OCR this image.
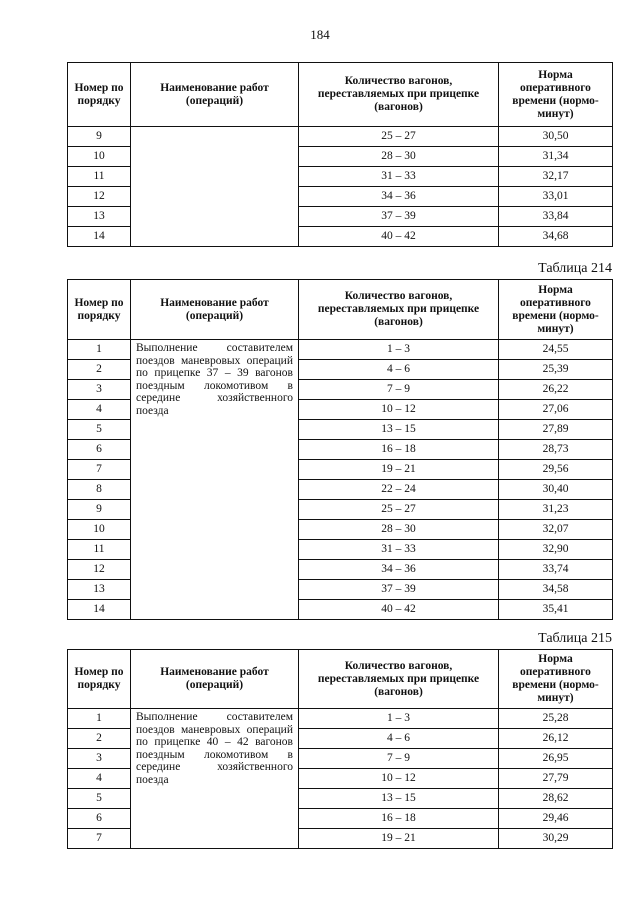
184
Номер по порядку	Наименование работ (операций)	Количество вагонов, переставляемых при прицепке (вагонов)	Норма оперативного времени (нормо-минут)
9		25 – 27	30,50
10		28 – 30	31,34
11		31 – 33	32,17
12		34 – 36	33,01
13		37 – 39	33,84
14		40 – 42	34,68
Таблица 214
Номер по порядку	Наименование работ (операций)	Количество вагонов, переставляемых при прицепке (вагонов)	Норма оперативного времени (нормо-минут)
1	Выполнение составителем поездов маневровых операций по прицепке 37 – 39 вагонов поездным локомотивом в середине хозяйственного поезда	1 – 3	24,55
2		4 – 6	25,39
3		7 – 9	26,22
4		10 – 12	27,06
5		13 – 15	27,89
6		16 – 18	28,73
7		19 – 21	29,56
8		22 – 24	30,40
9		25 – 27	31,23
10		28 – 30	32,07
11		31 – 33	32,90
12		34 – 36	33,74
13		37 – 39	34,58
14		40 – 42	35,41
Таблица 215
Номер по порядку	Наименование работ (операций)	Количество вагонов, переставляемых при прицепке (вагонов)	Норма оперативного времени (нормо-минут)
1	Выполнение составителем поездов маневровых операций по прицепке 40 – 42 вагонов поездным локомотивом в середине хозяйственного поезда	1 – 3	25,28
2		4 – 6	26,12
3		7 – 9	26,95
4		10 – 12	27,79
5		13 – 15	28,62
6		16 – 18	29,46
7		19 – 21	30,29
